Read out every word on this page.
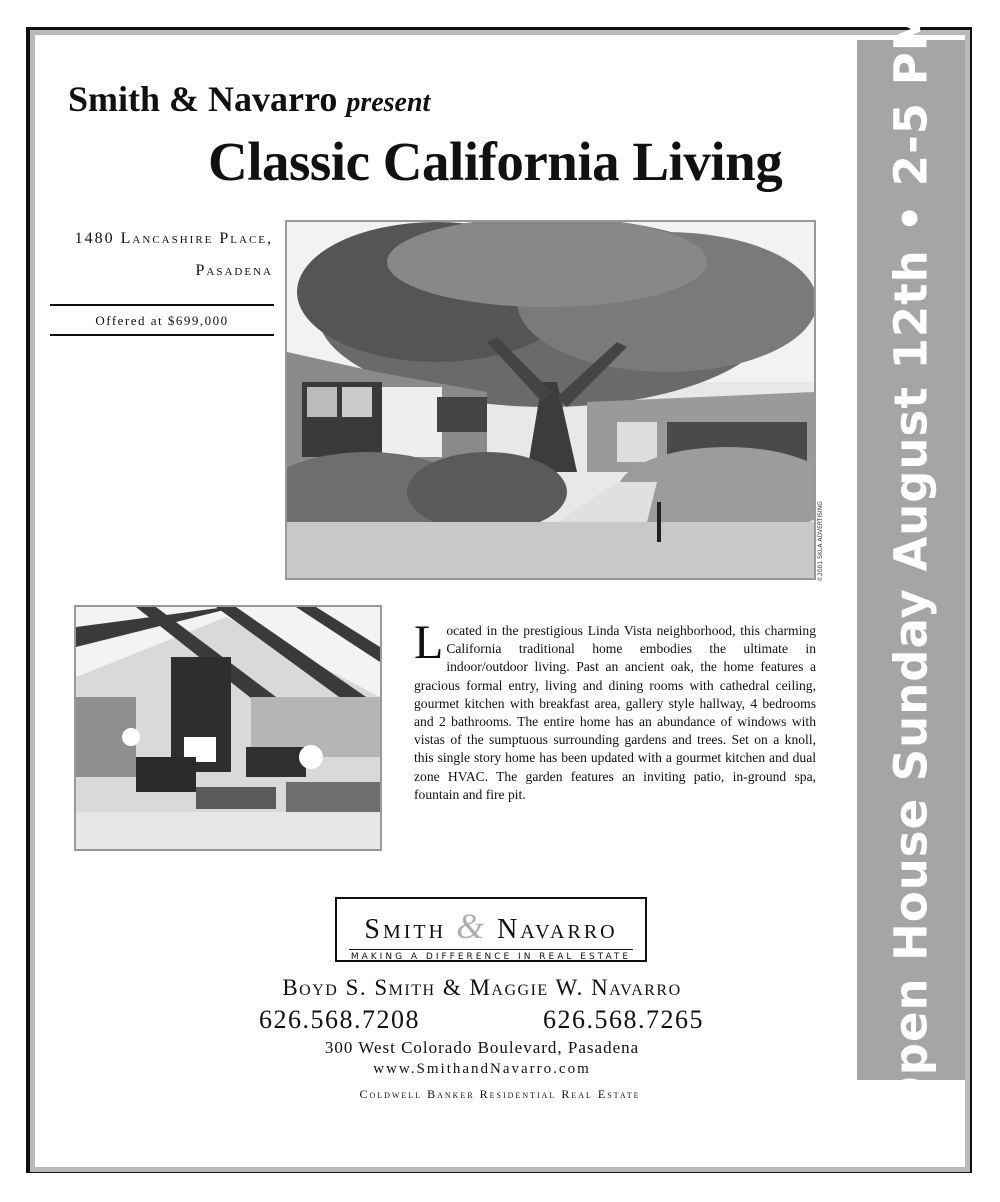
Open House Sunday August 12th • 2-5 PM
Smith & Navarro present
Classic California Living
1480 Lancashire Place,
Pasadena
Offered at $699,000
©2001 SKLA ADVERTISING
Located in the prestigious Linda Vista neighborhood, this charming California traditional home embodies the ultimate in indoor/outdoor living. Past an ancient oak, the home features a gracious formal entry, living and dining rooms with cathedral ceiling, gourmet kitchen with breakfast area, gallery style hallway, 4 bedrooms and 2 bathrooms. The entire home has an abundance of windows with vistas of the sumptuous surrounding gardens and trees. Set on a knoll, this single story home has been updated with a gourmet kitchen and dual zone HVAC. The garden features an inviting patio, in-ground spa, fountain and fire pit.
Smith & Navarro
MAKING A DIFFERENCE IN REAL ESTATE
Boyd S. Smith & Maggie W. Navarro
626.568.7208	626.568.7265
300 West Colorado Boulevard, Pasadena
www.SmithandNavarro.com
Coldwell Banker Residential Real Estate
